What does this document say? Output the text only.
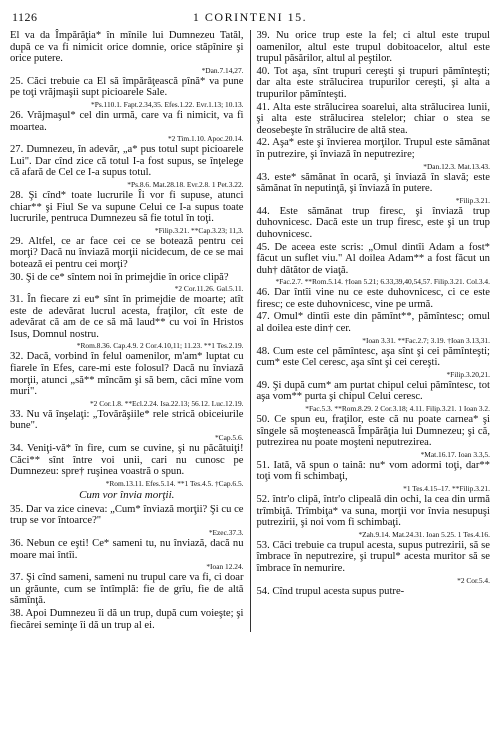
1126	1 CORINTENI 15.
El va da Împărăţia* în mînile lui Dumnezeu Tatăl, după ce va fi nimicit orice domnie, orice stăpînire şi orice putere.
*Dan.7.14,27.
25. Căci trebuie ca El să împărăţească pînă* va pune pe toţi vrăjmaşii supt picioarele Sale.
*Ps.110.1. Fapt.2.34,35. Efes.1.22. Evr.1.13; 10.13.
26. Vrăjmaşul* cel din urmă, care va fi nimicit, va fi moartea.
*2 Tim.1.10. Apoc.20.14.
27. Dumnezeu, în adevăr, „a* pus totul supt picioarele Lui". Dar cînd zice că totul I-a fost supus, se înţelege că afară de Cel ce I-a supus totul.
*Ps.8.6. Mat.28.18. Evr.2.8. 1 Pet.3.22.
28. Şi cînd* toate lucrurile Îi vor fi supuse, atunci chiar** şi Fiul Se va supune Celui ce I-a supus toate lucrurile, pentruca Dumnezeu să fie totul în toţi.
*Filip.3.21. **Cap.3.23; 11,3.
29. Altfel, ce ar face cei ce se botează pentru cei morţi? Dacă nu înviază morţii nicidecum, de ce se mai botează ei pentru cei morţi?
30. Şi de ce* sîntem noi în primejdie în orice clipă?
*2 Cor.11.26. Gal.5.11.
31. În fiecare zi eu* sînt în primejdie de moarte; atît este de adevărat lucrul acesta, fraţilor, cît este de adevărat că am de ce să mă laud** cu voi în Hristos Isus, Domnul nostru.
*Rom.8.36. Cap.4.9. 2 Cor.4.10,11; 11.23. **1 Tes.2.19.
32. Dacă, vorbind în felul oamenilor, m'am* luptat cu fiarele în Efes, care-mi este folosul? Dacă nu înviază morţii, atunci „să** mîncăm şi să bem, căci mîne vom muri".
*2 Cor.1.8. **Ecl.2.24. Isa.22.13; 56.12. Luc.12.19.
33. Nu vă înşelaţi: „Tovărăşiile* rele strică obiceiurile bune".
*Cap.5.6.
34. Veniţi-vă* în fire, cum se cuvine, şi nu păcătuiţi! Căci** sînt între voi unii, cari nu cunosc pe Dumnezeu: spre† ruşinea voastră o spun.
*Rom.13.11. Efes.5.14. **1 Tes.4.5. †Cap.6.5.
Cum vor învia morţii.
35. Dar va zice cineva: „Cum* înviază morţii? Şi cu ce trup se vor întoarce?"
*Ezec.37.3.
36. Nebun ce eşti! Ce* sameni tu, nu înviază, dacă nu moare mai întîi.
*Ioan 12.24.
37. Şi cînd sameni, sameni nu trupul care va fi, ci doar un grăunte, cum se întîmplă: fie de grîu, fie de altă sămînţă.
38. Apoi Dumnezeu îi dă un trup, după cum voieşte; şi fiecărei seminţe îi dă un trup al ei.
39. Nu orice trup este la fel; ci altul este trupul oamenilor, altul este trupul dobitoacelor, altul este trupul păsărilor, altul al peştilor.
40. Tot aşa, sînt trupuri cereşti şi trupuri pămînteşti; dar alta este strălucirea trupurilor cereşti, şi alta a trupurilor pămînteşti.
41. Alta este strălucirea soarelui, alta strălucirea lunii, şi alta este strălucirea stelelor; chiar o stea se deosebeşte în strălucire de altă stea.
42. Aşa* este şi învierea morţilor. Trupul este sămănat în putrezire, şi înviază în neputrezire;
*Dan.12.3. Mat.13.43.
43. este* sămănat în ocară, şi înviază în slavă; este sămănat în neputinţă, şi înviază în putere.
*Filip.3.21.
44. Este sămănat trup firesc, şi înviază trup duhovnicesc. Dacă este un trup firesc, este şi un trup duhovnicesc.
45. De aceea este scris: „Omul dintîi Adam a fost* făcut un suflet viu." Al doilea Adam** a fost făcut un duh† dătător de viaţă.
*Fac.2.7. **Rom.5.14. †Ioan 5.21; 6.33,39,40,54,57. Filip.3.21. Col.3.4.
46. Dar întîi vine nu ce este duhovnicesc, ci ce este firesc; ce este duhovnicesc, vine pe urmă.
47. Omul* dintîi este din pămînt**, pămîntesc; omul al doilea este din† cer.
*Ioan 3.31. **Fac.2.7; 3.19. †Ioan 3.13,31.
48. Cum este cel pămîntesc, aşa sînt şi cei pămînteşti; cum* este Cel ceresc, aşa sînt şi cei cereşti.
*Filip.3.20,21.
49. Şi după cum* am purtat chipul celui pămîntesc, tot aşa vom** purta şi chipul Celui ceresc.
*Fac.5.3. **Rom.8.29. 2 Cor.3.18; 4.11. Filip.3.21. 1 Ioan 3.2.
50. Ce spun eu, fraţilor, este că nu poate carnea* şi sîngele să moştenească Împărăţia lui Dumnezeu; şi că, putrezirea nu poate moşteni neputrezirea.
*Mat.16.17. Ioan 3.3,5.
51. Iată, vă spun o taină: nu* vom adormi toţi, dar** toţi vom fi schimbaţi,
*1 Tes.4.15–17. **Filip.3.21.
52. într'o clipă, într'o clipeală din ochi, la cea din urmă trîmbiţă. Trîmbiţa* va suna, morţii vor învia nesupuşi putrezirii, şi noi vom fi schimbaţi.
*Zah.9.14. Mat.24.31. Ioan 5.25. 1 Tes.4.16.
53. Căci trebuie ca trupul acesta, supus putrezirii, să se îmbrace în neputrezire, şi trupul* acesta muritor să se îmbrace în nemurire.
*2 Cor.5.4.
54. Cînd trupul acesta supus putre-
